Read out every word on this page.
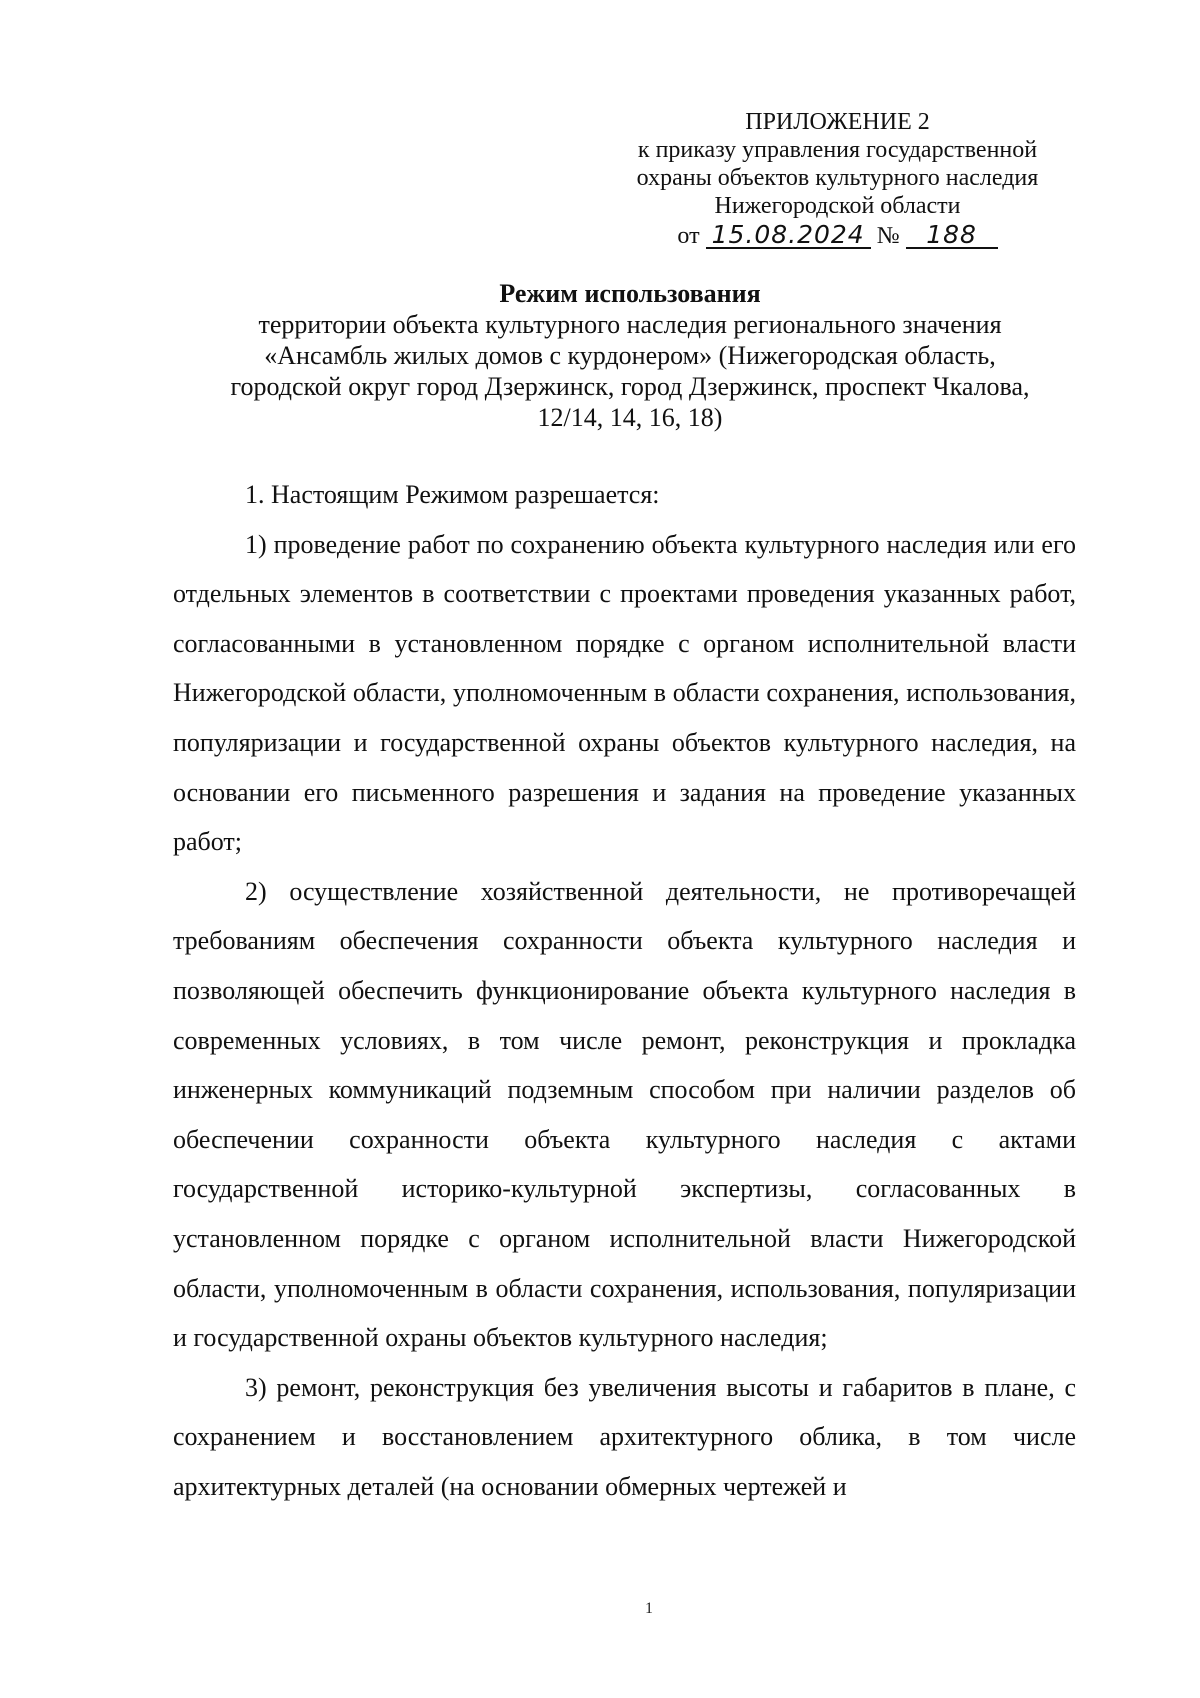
ПРИЛОЖЕНИЕ 2
к приказу управления государственной
охраны объектов культурного наследия
Нижегородской области
от 15.08.2024 № 188
Режим использования
территории объекта культурного наследия регионального значения
«Ансамбль жилых домов с курдонером» (Нижегородская область,
городской округ город Дзержинск, город Дзержинск, проспект Чкалова,
12/14, 14, 16, 18)

1. Настоящим Режимом разрешается:

1) проведение работ по сохранению объекта культурного наследия или его отдельных элементов в соответствии с проектами проведения указанных работ, согласованными в установленном порядке с органом исполнительной власти Нижегородской области, уполномоченным в области сохранения, использования, популяризации и государственной охраны объектов культурного наследия, на основании его письменного разрешения и задания на проведение указанных работ;

2) осуществление хозяйственной деятельности, не противоречащей требованиям обеспечения сохранности объекта культурного наследия и позволяющей обеспечить функционирование объекта культурного наследия в современных условиях, в том числе ремонт, реконструкция и прокладка инженерных коммуникаций подземным способом при наличии разделов об обеспечении сохранности объекта культурного наследия с актами государственной историко-культурной экспертизы, согласованных в установленном порядке с органом исполнительной власти Нижегородской области, уполномоченным в области сохранения, использования, популяризации и государственной охраны объектов культурного наследия;

3) ремонт, реконструкция без увеличения высоты и габаритов в плане, с сохранением и восстановлением архитектурного облика, в том числе архитектурных деталей (на основании обмерных чертежей и

1
